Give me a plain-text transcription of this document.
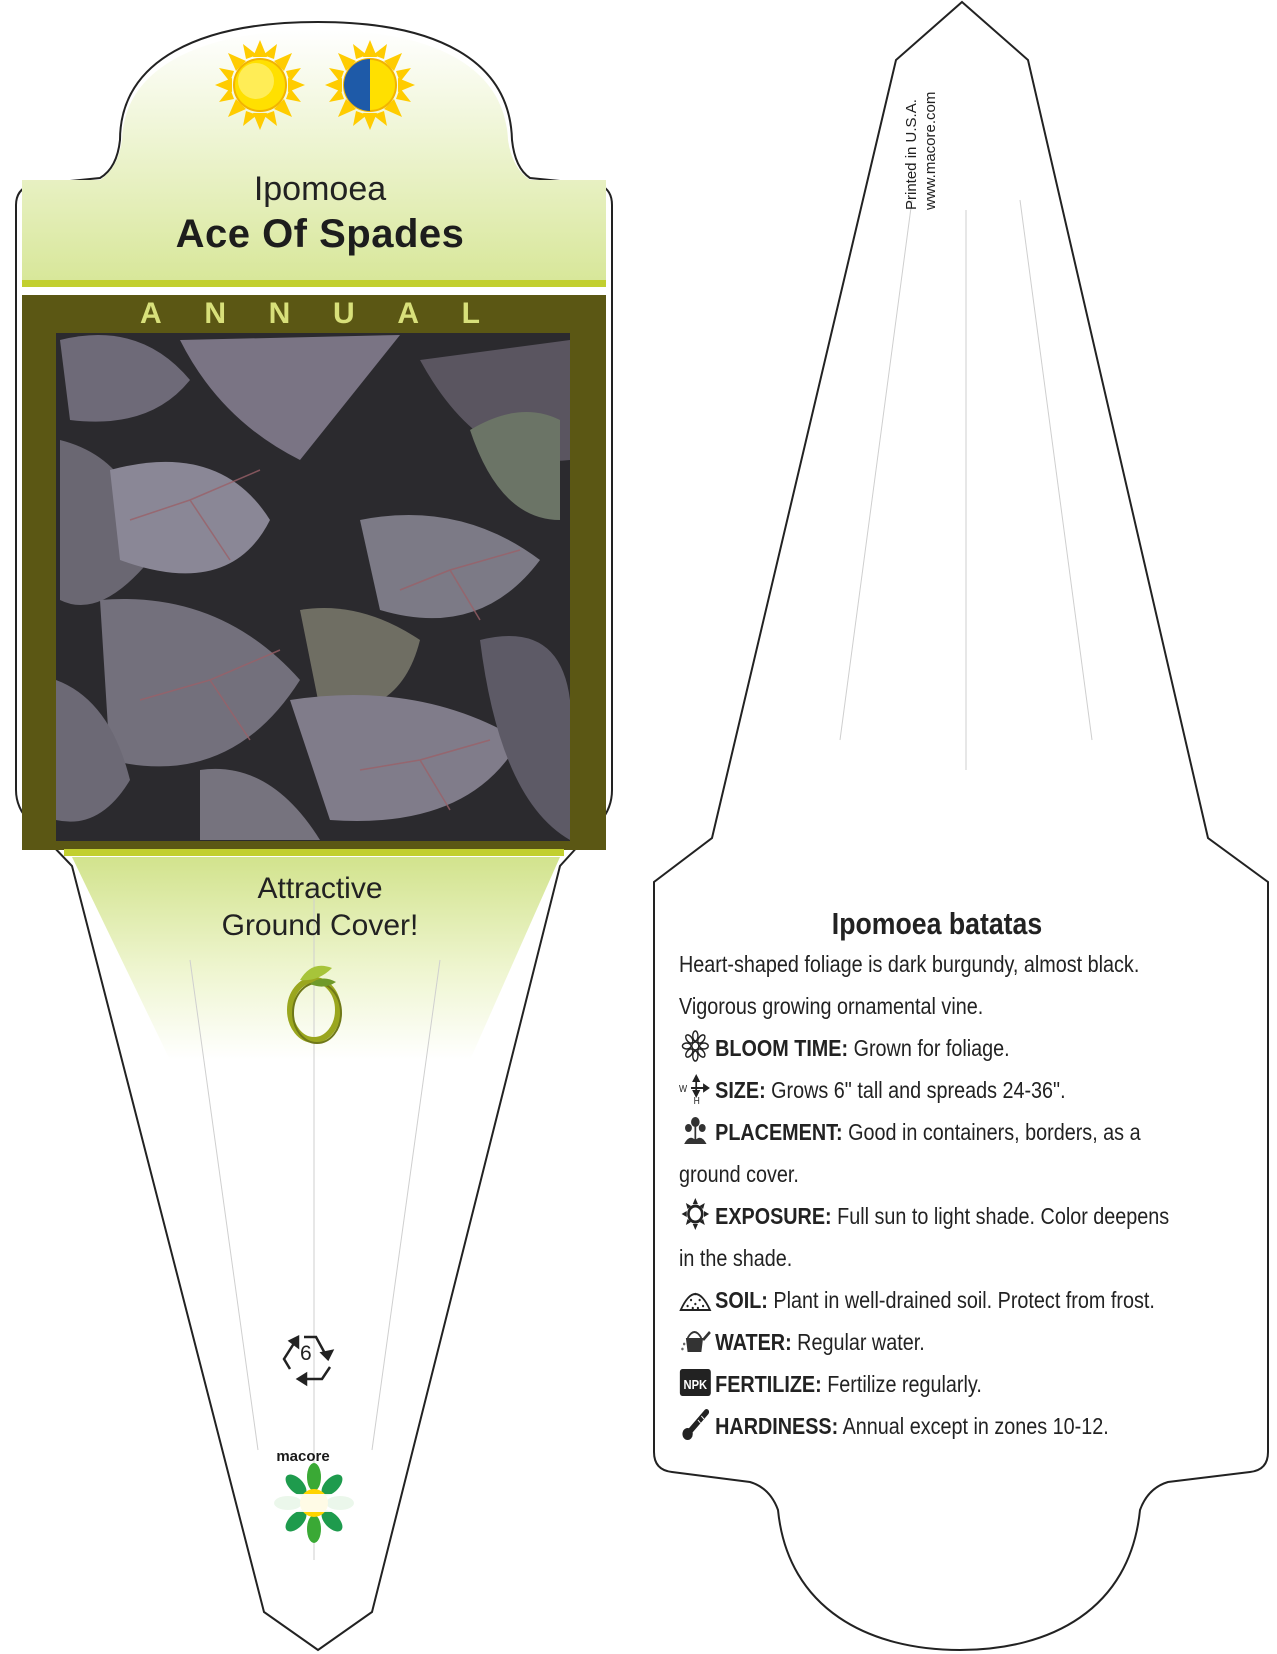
Ipomoea
Ace Of Spades
A N N U A L
Attractive
Ground Cover!
6
macore
Printed in U.S.A. www.macore.com
Ipomoea batatas

Heart-shaped foliage is dark burgundy, almost black.

Vigorous growing ornamental vine.

BLOOM TIME: Grown for foliage.

W
H SIZE: Grows 6" tall and spreads 24-36".

PLACEMENT: Good in containers, borders, as a
ground cover.

EXPOSURE: Full sun to light shade. Color deepens
in the shade.

SOIL: Plant in well-drained soil. Protect from frost.

WATER: Regular water.

NPK FERTILIZE: Fertilize regularly.

HARDINESS: Annual except in zones 10-12.
